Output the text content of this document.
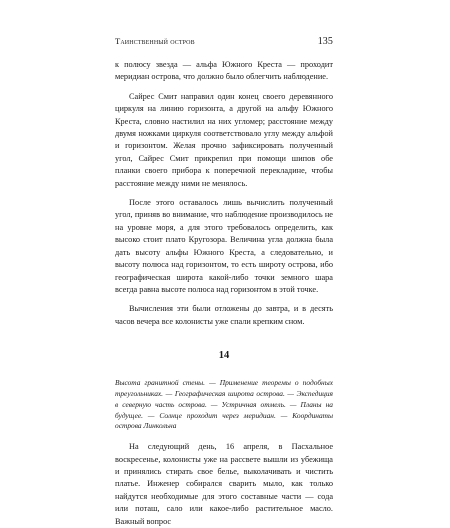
Таинственный остров	135

к полюсу звезда — альфа Южного Креста — проходит меридиан острова, что должно было облегчить наблюдение.

Сайрес Смит направил один конец своего деревянного циркуля на линию горизонта, а другой на альфу Южного Креста, словно настилил на них угломер; расстояние между двумя ножками циркуля соответствовало углу между альфой и горизонтом. Желая прочно зафиксировать полученный угол, Сайрес Смит прикрепил при помощи шипов обе планки своего прибора к поперечной перекладине, чтобы расстояние между ними не менялось.

После этого оставалось лишь вычислить полученный угол, приняв во внимание, что наблюдение производилось не на уровне моря, а для этого требовалось определить, как высоко стоит плато Кругозора. Величина угла должна была дать высоту альфы Южного Креста, а следовательно, и высоту полюса над горизонтом, то есть широту острова, ибо географическая широта какой-либо точки земного шара всегда равна высоте полюса над горизонтом в этой точке.

Вычисления эти были отложены до завтра, и в десять часов вечера все колонисты уже спали крепким сном.

14
Высота гранитной стены. — Применение теоремы о подобных треугольниках. — Географическая широта острова. — Экспедиция в северную часть острова. — Устричная отмель. — Планы на будущее. — Солнце проходит через меридиан. — Координаты острова Линкольна

На следующий день, 16 апреля, в Пасхальное воскресенье, колонисты уже на рассвете вышли из убежища и принялись стирать свое белье, выколачивать и чистить платье. Инженер собирался сварить мыло, как только найдутся необходимые для этого составные части — сода или поташ, сало или какое-либо растительное масло. Важный вопрос
